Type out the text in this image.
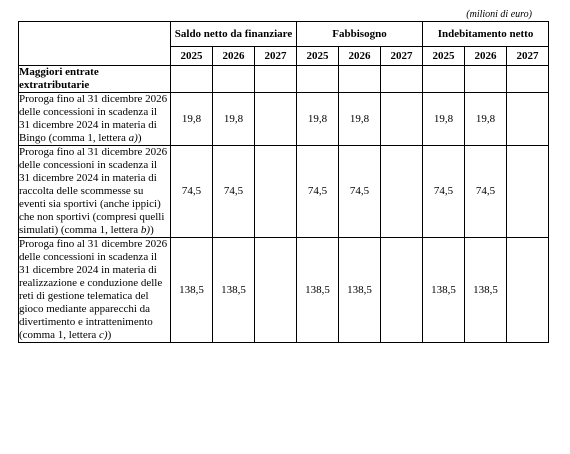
(milioni di euro)
	Saldo netto da finanziare			Fabbisogno			Indebitamento netto		
	2025	2026	2027	2025	2026	2027	2025	2026	2027
Maggiori entrate extratributarie									
Proroga fino al 31 dicembre 2026 delle concessioni in scadenza il 31 dicembre 2024 in materia di Bingo (comma 1, lettera a))	19,8	19,8		19,8	19,8		19,8	19,8	
Proroga fino al 31 dicembre 2026 delle concessioni in scadenza il 31 dicembre 2024 in materia di raccolta delle scommesse su eventi sia sportivi (anche ippici) che non sportivi (compresi quelli simulati) (comma 1, lettera b))	74,5	74,5		74,5	74,5		74,5	74,5	
Proroga fino al 31 dicembre 2026 delle concessioni in scadenza il 31 dicembre 2024 in materia di realizzazione e conduzione delle reti di gestione telematica del gioco mediante apparecchi da divertimento e intrattenimento (comma 1, lettera c))	138,5	138,5		138,5	138,5		138,5	138,5	
